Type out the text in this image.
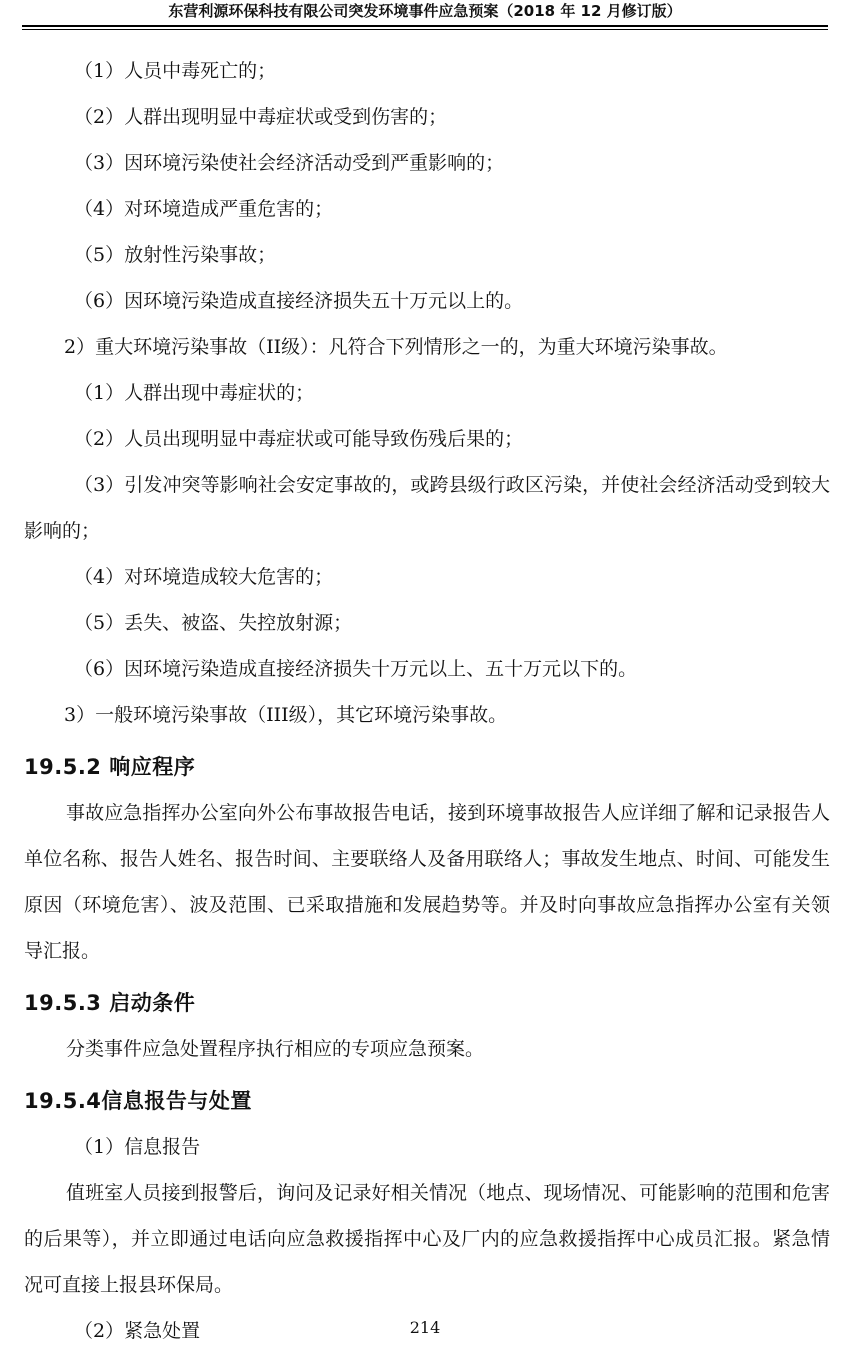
东营利源环保科技有限公司突发环境事件应急预案（2018 年 12 月修订版）

（1）人员中毒死亡的；

（2）人群出现明显中毒症状或受到伤害的；

（3）因环境污染使社会经济活动受到严重影响的；

（4）对环境造成严重危害的；

（5）放射性污染事故；

（6）因环境污染造成直接经济损失五十万元以上的。

2）重大环境污染事故（II级）：凡符合下列情形之一的，为重大环境污染事故。

（1）人群出现中毒症状的；

（2）人员出现明显中毒症状或可能导致伤残后果的；

（3）引发冲突等影响社会安定事故的，或跨县级行政区污染，并使社会经济活动受到较大影响的；

（4）对环境造成较大危害的；

（5）丢失、被盗、失控放射源；

（6）因环境污染造成直接经济损失十万元以上、五十万元以下的。

3）一般环境污染事故（III级），其它环境污染事故。

19.5.2 响应程序

事故应急指挥办公室向外公布事故报告电话，接到环境事故报告人应详细了解和记录报告人单位名称、报告人姓名、报告时间、主要联络人及备用联络人；事故发生地点、时间、可能发生原因（环境危害）、波及范围、已采取措施和发展趋势等。并及时向事故应急指挥办公室有关领导汇报。

19.5.3 启动条件

分类事件应急处置程序执行相应的专项应急预案。

19.5.4信息报告与处置

（1）信息报告

值班室人员接到报警后，询问及记录好相关情况（地点、现场情况、可能影响的范围和危害的后果等），并立即通过电话向应急救援指挥中心及厂内的应急救援指挥中心成员汇报。紧急情况可直接上报县环保局。

（2）紧急处置	214
